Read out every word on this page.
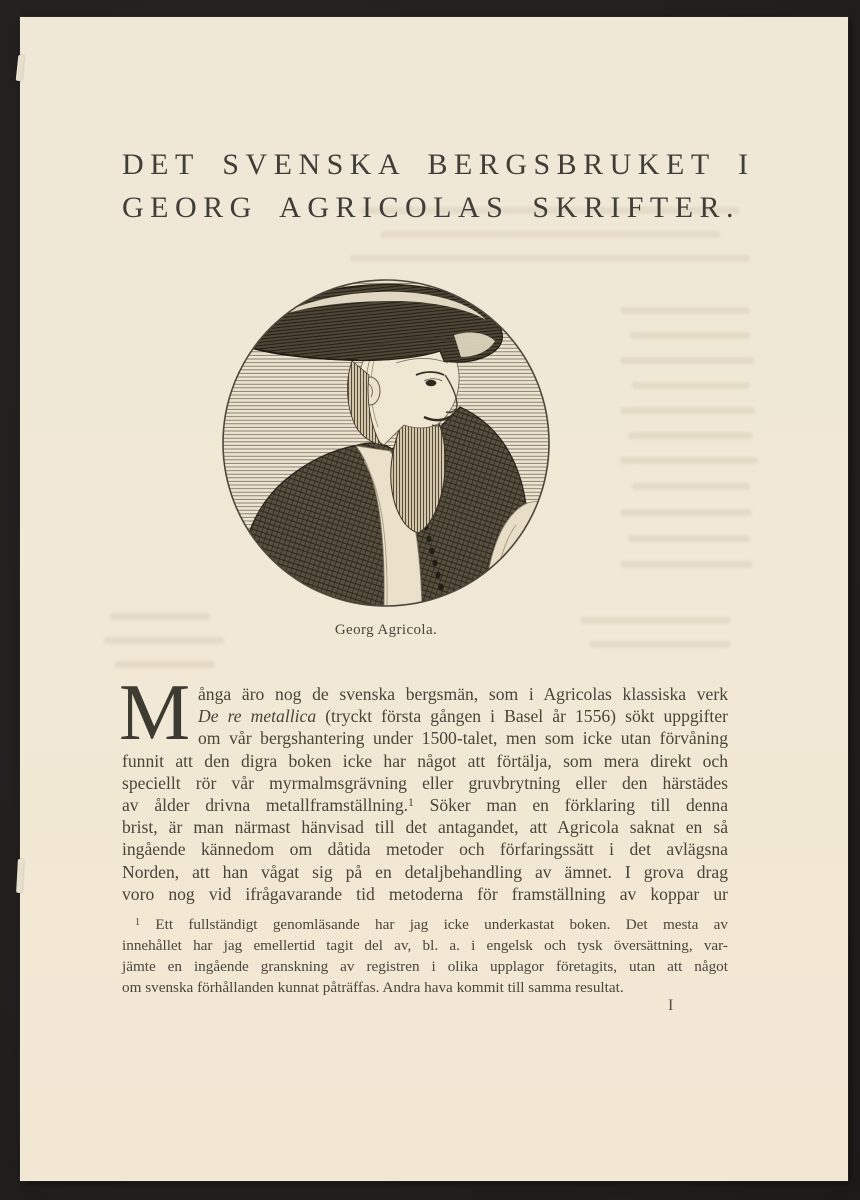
DET SVENSKA BERGSBRUKET I
GEORG AGRICOLAS SKRIFTER.
Georg Agricola.
M ånga äro nog de svenska bergsmän, som i Agricolas klassiska verk
De re metallica (tryckt första gången i Basel år 1556) sökt uppgifter
om vår bergshantering under 1500-talet, men som icke utan förvåning
funnit att den digra boken icke har något att förtälja, som mera direkt och
speciellt rör vår myrmalmsgrävning eller gruvbrytning eller den härstädes
av ålder drivna metallframställning.$^1$ Söker man en förklaring till denna
brist, är man närmast hänvisad till det antagandet, att Agricola saknat en så
ingående kännedom om dåtida metoder och förfaringssätt i det avlägsna
Norden, att han vågat sig på en detaljbehandling av ämnet. I grova drag
voro nog vid ifrågavarande tid metoderna för framställning av koppar ur
$^1$ Ett fullständigt genomläsande har jag icke underkastat boken. Det mesta av
innehållet har jag emellertid tagit del av, bl. a. i engelsk och tysk översättning, var-
jämte en ingående granskning av registren i olika upplagor företagits, utan att något
om svenska förhållanden kunnat påträffas. Andra hava kommit till samma resultat.
I
